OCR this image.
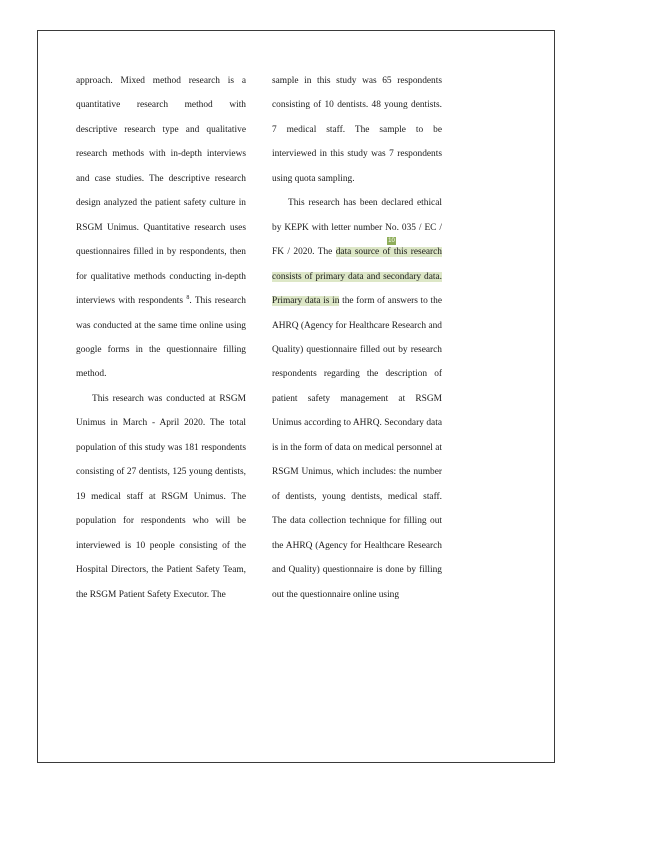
approach. Mixed method research is a quantitative research method with descriptive research type and qualitative research methods with in-depth interviews and case studies. The descriptive research design analyzed the patient safety culture in RSGM Unimus. Quantitative research uses questionnaires filled in by respondents, then for qualitative methods conducting in-depth interviews with respondents $^8$. This research was conducted at the same time online using google forms in the questionnaire filling method.

This research was conducted at RSGM Unimus in March - April 2020. The total population of this study was 181 respondents consisting of 27 dentists, 125 young dentists, 19 medical staff at RSGM Unimus. The population for respondents who will be interviewed is 10 people consisting of the Hospital Directors, the Patient Safety Team, the RSGM Patient Safety Executor. The

sample in this study was 65 respondents consisting of 10 dentists. 48 young dentists. 7 medical staff. The sample to be interviewed in this study was 7 respondents using quota sampling.

This research has been declared ethical by KEPK with letter number No. 035 / EC / FK / 2020. The data source of this research consists of primary data and secondary data. Primary data is in the form of answers to the AHRQ (Agency for Healthcare Research and Quality) questionnaire filled out by research respondents regarding the description of patient safety management at RSGM Unimus according to AHRQ. Secondary data is in the form of data on medical personnel at RSGM Unimus, which includes: the number of dentists, young dentists, medical staff. The data collection technique for filling out the AHRQ (Agency for Healthcare Research and Quality) questionnaire is done by filling out the questionnaire online using

10
